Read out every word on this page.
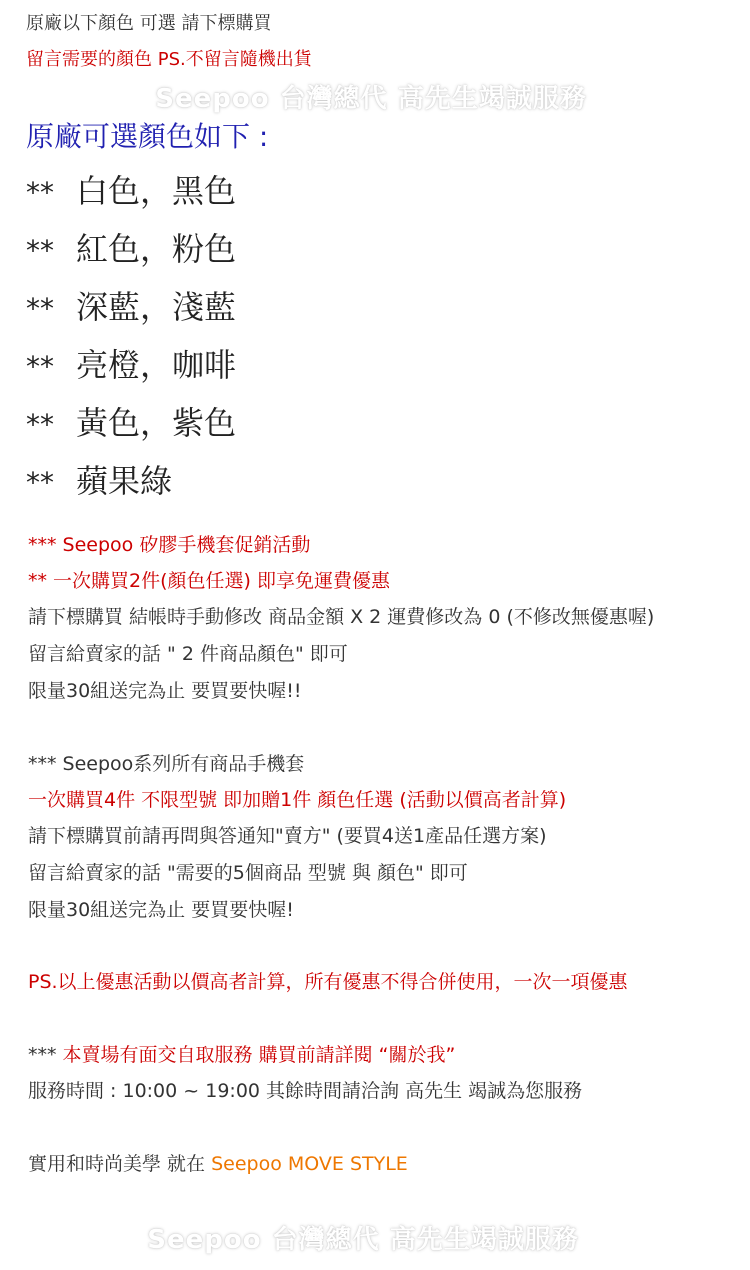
原廠以下顏色 可選 請下標購買
留言需要的顏色 PS.不留言隨機出貨
Seepoo 台灣總代 高先生竭誠服務
原廠可選顏色如下 :
** 白色，黑色
** 紅色，粉色
** 深藍，淺藍
** 亮橙，咖啡
** 黃色，紫色
** 蘋果綠
*** Seepoo 矽膠手機套促銷活動
** 一次購買2件(顏色任選) 即享免運費優惠
請下標購買 結帳時手動修改 商品金額 X 2 運費修改為 0 (不修改無優惠喔)
留言給賣家的話 " 2 件商品顏色" 即可
限量30組送完為止 要買要快喔!!
*** Seepoo系列所有商品手機套
一次購買4件 不限型號 即加贈1件 顏色任選 (活動以價高者計算)
請下標購買前請再問與答通知"賣方" (要買4送1產品任選方案)
留言給賣家的話 "需要的5個商品 型號 與 顏色" 即可
限量30組送完為止 要買要快喔!
PS.以上優惠活動以價高者計算，所有優惠不得合併使用，一次一項優惠
*** 本賣場有面交自取服務 購買前請詳閱 “關於我”
服務時間 : 10:00 ~ 19:00 其餘時間請洽詢 高先生 竭誠為您服務
實用和時尚美學 就在 Seepoo MOVE STYLE
Seepoo 台灣總代 高先生竭誠服務
